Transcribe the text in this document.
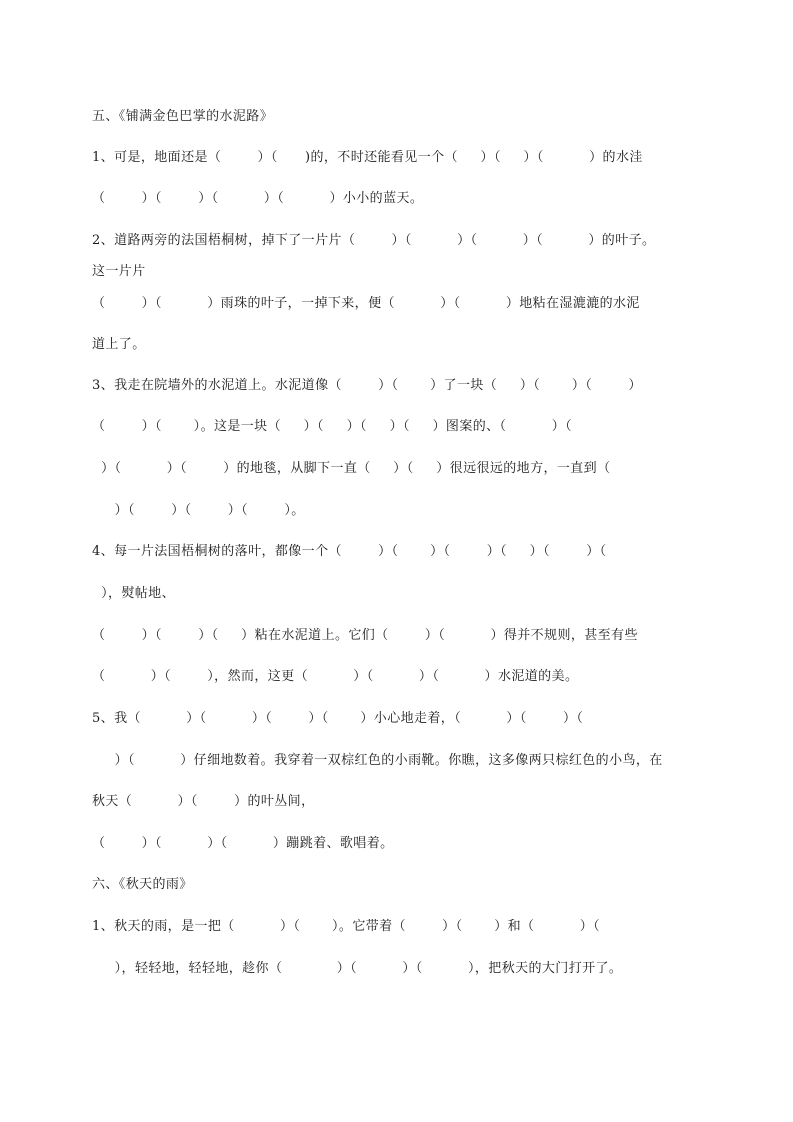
五、《铺满金色巴掌的水泥路》
1、可是，地面还是（        ）（      )的，不时还能看见一个（     ）（     ）（          ）的水洼
（        ）（        ）（          ）（          ）小小的蓝天。
2、道路两旁的法国梧桐树，掉下了一片片（        ）（          ）（          ）（          ）的叶子。
这一片片
（        ）（          ）雨珠的叶子，一掉下来，便（          ）（          ）地粘在湿漉漉的水泥
道上了。
3、我走在院墙外的水泥道上。水泥道像（        ）（       ）了一块（     ）（       ）（        ）
（        ）（       ）。这是一块（     ）（     ）（     ）（     ）图案的、（          ）（
）（          ）（        ）的地毯，从脚下一直（     ）（     ）很远很远的地方，一直到（
）（        ）（        ）（        ）。
4、每一片法国梧桐树的落叶，都像一个（        ）（       ）（        ）（     ）（        ）（
），熨帖地、
（        ）（        ）（     ）粘在水泥道上。它们（        ）（          ）得并不规则，甚至有些
（          ）（        ），然而，这更（          ）（          ）（          ）水泥道的美。
5、我（          ）（          ）（        ）（       ）小心地走着，（          ）（        ）（
）（          ）仔细地数着。我穿着一双棕红色的小雨靴。你瞧，这多像两只棕红色的小鸟，在
秋天（          ）（        ）的叶丛间，
（        ）（          ）（          ）蹦跳着、歌唱着。
六、《秋天的雨》
1、秋天的雨，是一把（          ）（       ）。它带着（        ）（       ）和（          ）（
），轻轻地，轻轻地，趁你（            ）（          ）（          ），把秋天的大门打开了。
